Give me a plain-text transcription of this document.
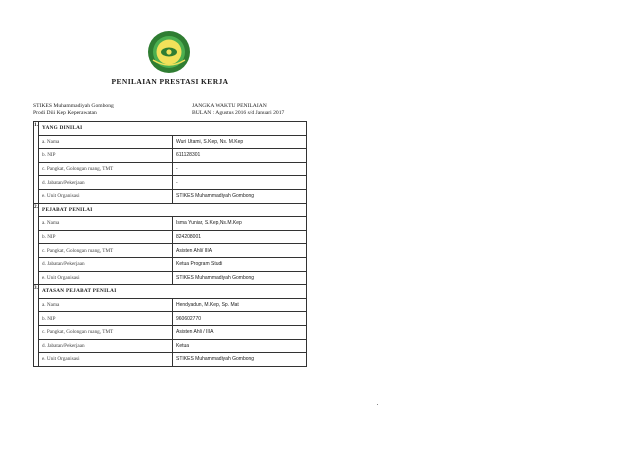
PENILAIAN PRESTASI KERJA
STIKES Muhammadiyah Gombong
Prodi Diii Kep Keperawatan
JANGKA WAKTU PENILAIAN
BULAN : Agustus 2016 s/d Januari 2017
1.	YANG DINILAI	
	a. Nama	Wuri Utami, S.Kep, Ns. M.Kep
	b. NIP	611128301
	c. Pangkat, Golongan ruang, TMT	-
	d. Jabatan/Pekerjaan	-
	e. Unit Organisasi	STIKES Muhammadiyah Gombong
2.	PEJABAT PENILAI	
	a. Nama	Isma Yuniar, S.Kep,Ns.M.Kep
	b. NIP	824208001
	c. Pangkat, Golongan ruang, TMT	Asisten Ahli/ IIIA
	d. Jabatan/Pekerjaan	Ketua Program Studi
	e. Unit Organisasi	STIKES Muhammadiyah Gombong
3.	ATASAN PEJABAT PENILAI	
	a. Nama	Hendyadun, M.Kep, Sp. Mat
	b. NIP	960602770
	c. Pangkat, Golongan ruang, TMT	Asisten Ahli / IIIA
	d. Jabatan/Pekerjaan	Ketua
	e. Unit Organisasi	STIKES Muhammadiyah Gombong
